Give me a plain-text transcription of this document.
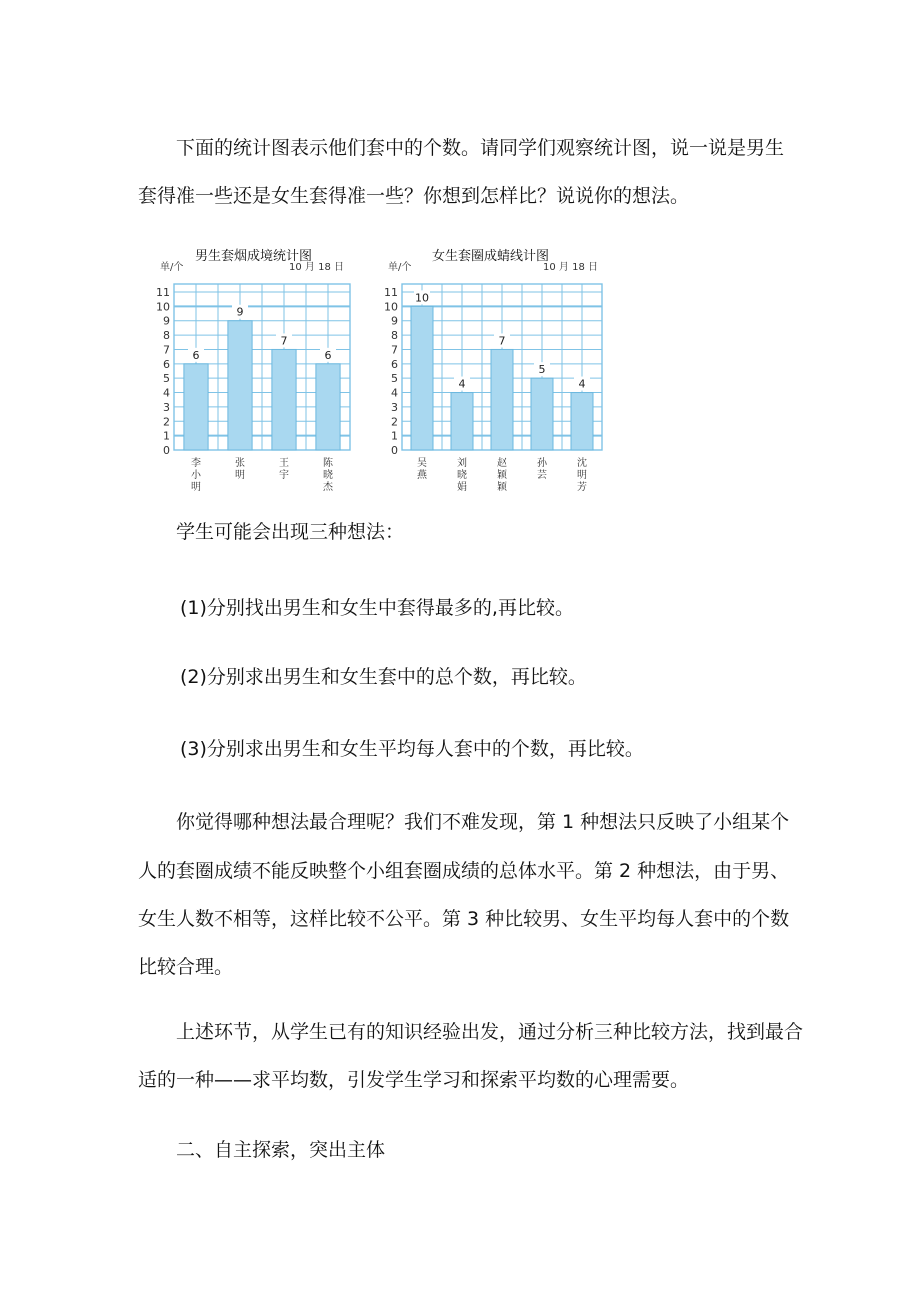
下面的统计图表示他们套中的个数。请同学们观察统计图，说一说是男生
套得准一些还是女生套得准一些？你想到怎样比？说说你的想法。
男生套烟成境统计图
单/个	10 月 18 日
0
1
2
3
4
5
6
7
8
9
10
11
6
李小明
9
张明
7
王宇
6
陈晓杰
女生套圈成蜻线计图
单/个	10 月 18 日
0
1
2
3
4
5
6
7
8
9
10
11 10
吴燕
4
刘晓娟
7
赵颖颖
5
孙芸
4
沈明芳
学生可能会出现三种想法：
(1)分别找出男生和女生中套得最多的,再比较。
(2)分别求出男生和女生套中的总个数，再比较。
(3)分别求出男生和女生平均每人套中的个数，再比较。
你觉得哪种想法最合理呢？我们不难发现，第 1 种想法只反映了小组某个
人的套圈成绩不能反映整个小组套圈成绩的总体水平。第 2 种想法，由于男、
女生人数不相等，这样比较不公平。第 3 种比较男、女生平均每人套中的个数
比较合理。
上述环节，从学生已有的知识经验出发，通过分析三种比较方法，找到最合
适的一种——求平均数，引发学生学习和探索平均数的心理需要。
二、自主探索，突出主体
